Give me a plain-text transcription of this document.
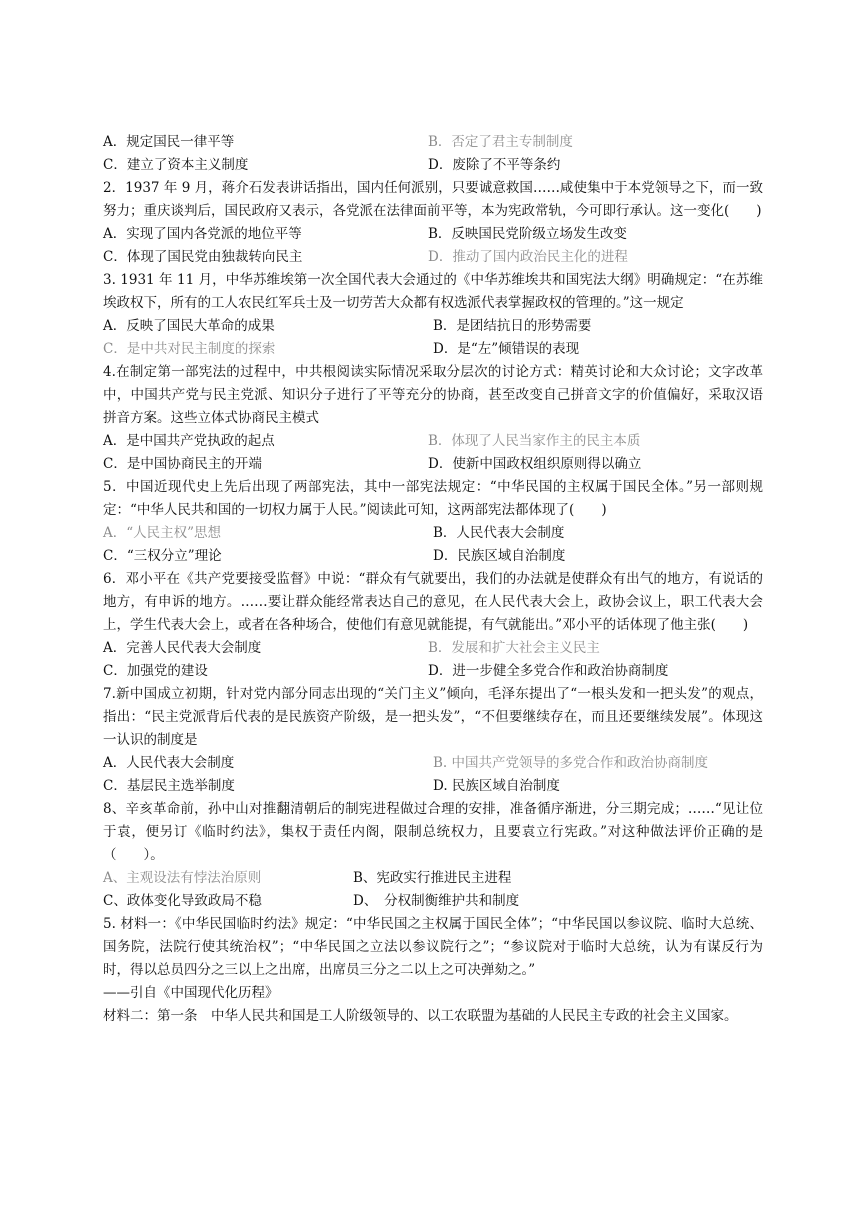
A．规定国民一律平等	B．否定了君主专制制度
C．建立了资本主义制度	D．废除了不平等条约

2．1937 年 9 月，蒋介石发表讲话指出，国内任何派别，只要诚意救国……咸使集中于本党领导之下，而一致努力；重庆谈判后，国民政府又表示，各党派在法律面前平等，本为宪政常轨，今可即行承认。这一变化(　　)

A．实现了国内各党派的地位平等	B．反映国民党阶级立场发生改变
C．体现了国民党由独裁转向民主	D．推动了国内政治民主化的进程

3. 1931 年 11 月，中华苏维埃第一次全国代表大会通过的《中华苏维埃共和国宪法大纲》明确规定：“在苏维埃政权下，所有的工人农民红军兵士及一切劳苦大众都有权选派代表掌握政权的管理的。”这一规定

A．反映了国民大革命的成果	B．是团结抗日的形势需要
C．是中共对民主制度的探索	D．是“左”倾错误的表现

4.在制定第一部宪法的过程中，中共根阅读实际情况采取分层次的讨论方式：精英讨论和大众讨论；文字改革中，中国共产党与民主党派、知识分子进行了平等充分的协商，甚至改变自己拼音文字的价值偏好，采取汉语拼音方案。这些立体式协商民主模式

A．是中国共产党执政的起点	B．体现了人民当家作主的民主本质
C．是中国协商民主的开端	D．使新中国政权组织原则得以确立

5．中国近现代史上先后出现了两部宪法，其中一部宪法规定：“中华民国的主权属于国民全体。”另一部则规定：“中华人民共和国的一切权力属于人民。”阅读此可知，这两部宪法都体现了(　　)

A．“人民主权”思想	B．人民代表大会制度
C．“三权分立”理论	D．民族区域自治制度

6．邓小平在《共产党要接受监督》中说：“群众有气就要出，我们的办法就是使群众有出气的地方，有说话的地方，有申诉的地方。……要让群众能经常表达自己的意见，在人民代表大会上，政协会议上，职工代表大会上，学生代表大会上，或者在各种场合，使他们有意见就能提，有气就能出。”邓小平的话体现了他主张(　　)

A．完善人民代表大会制度	B．发展和扩大社会主义民主
C．加强党的建设	D．进一步健全多党合作和政治协商制度

7.新中国成立初期，针对党内部分同志出现的“关门主义”倾向，毛泽东提出了“一根头发和一把头发”的观点，指出：“民主党派背后代表的是民族资产阶级，是一把头发”，“不但要继续存在，而且还要继续发展”。体现这一认识的制度是

A．人民代表大会制度	B. 中国共产党领导的多党合作和政治协商制度
C．基层民主选举制度	D. 民族区域自治制度

8、辛亥革命前，孙中山对推翻清朝后的制宪进程做过合理的安排，准备循序渐进，分三期完成；……“见让位于袁，便另订《临时约法》，集权于责任内阁，限制总统权力，且要袁立行宪政。”对这种做法评价正确的是（　　）。

A、主观设法有悖法治原则	B、宪政实行推进民主进程
C、政体变化导致政局不稳	D、　分权制衡维护共和制度

5. 材料一：《中华民国临时约法》规定：“中华民国之主权属于国民全体”；“中华民国以参议院、临时大总统、国务院，法院行使其统治权”；“中华民国之立法以参议院行之”；“参议院对于临时大总统，认为有谋反行为时，得以总员四分之三以上之出席，出席员三分之二以上之可决弹劾之。”

——引自《中国现代化历程》

材料二：第一条　中华人民共和国是工人阶级领导的、以工农联盟为基础的人民民主专政的社会主义国家。
